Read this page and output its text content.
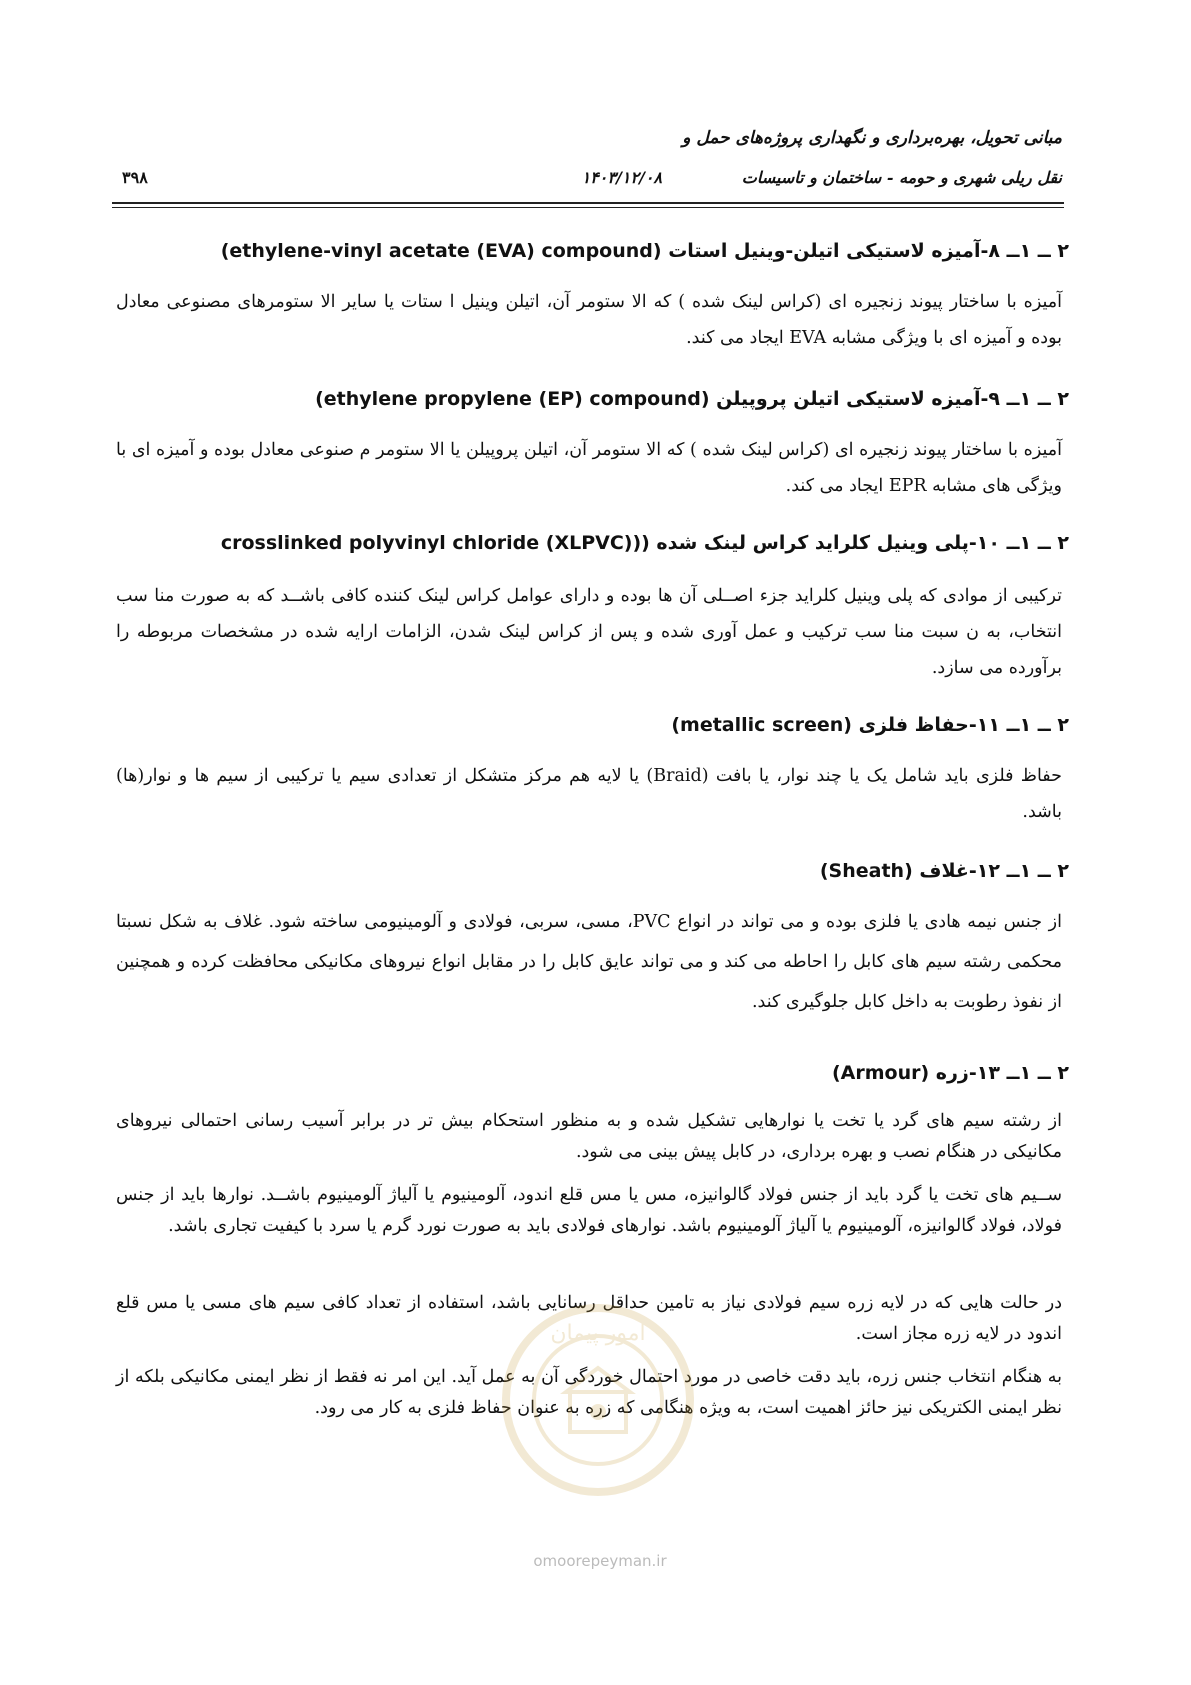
مبانی تحویل، بهره‌برداری و نگهداری پروژه‌های حمل و
نقل ریلی شهری و حومه - ساختمان و تاسیسات
۱۴۰۳/۱۲/۰۸
۳۹۸
۲ ــ ۱ــ ۸-آمیزه لاستیکی اتیلن-وینیل استات (ethylene-vinyl acetate (EVA) compound)
آمیزه با ساختار پیوند زنجیره ای (کراس لینک شده ) که الا ستومر آن، اتیلن وینیل ا ستات یا سایر الا ستومرهای مصنوعی معادل بوده و آمیزه ای با ویژگی مشابه EVA ایجاد می کند.
۲ ــ ۱ــ ۹-آمیزه لاستیکی اتیلن پروپیلن (ethylene propylene (EP) compound)
آمیزه با ساختار پیوند زنجیره ای (کراس لینک شده ) که الا ستومر آن، اتیلن پروپیلن یا الا ستومر م صنوعی معادل بوده و آمیزه ای با ویژگی های مشابه EPR ایجاد می کند.
۲ ــ ۱ــ ۱۰-پلی وینیل کلراید کراس لینک شده ((crosslinked polyvinyl chloride (XLPVC)
ترکیبی از موادی که پلی وینیل کلراید جزء اصــلی آن ها بوده و دارای عوامل کراس لینک کننده کافی باشــد که به صورت منا سب انتخاب، به ن سبت منا سب ترکیب و عمل آوری شده و پس از کراس لینک شدن، الزامات ارایه شده در مشخصات مربوطه را برآورده می سازد.
۲ ــ ۱ــ ۱۱-حفاظ فلزی (metallic screen)
حفاظ فلزی باید شامل یک یا چند نوار، یا بافت (Braid) یا لایه هم مرکز متشکل از تعدادی سیم یا ترکیبی از سیم ها و نوار(ها) باشد.
۲ ــ ۱ــ ۱۲-غلاف (Sheath)
از جنس نیمه هادی یا فلزی بوده و می تواند در انواع PVC، مسی، سربی، فولادی و آلومینیومی ساخته شود. غلاف به شکل نسبتا محکمی رشته سیم های کابل را احاطه می کند و می تواند عایق کابل را در مقابل انواع نیروهای مکانیکی محافظت کرده و همچنین از نفوذ رطوبت به داخل کابل جلوگیری کند.
۲ ــ ۱ــ ۱۳-زره (Armour)
از رشته سیم های گرد یا تخت یا نوارهایی تشکیل شده و به منظور استحکام بیش تر در برابر آسیب رسانی احتمالی نیروهای مکانیکی در هنگام نصب و بهره برداری، در کابل پیش بینی می شود.
ســیم های تخت یا گرد باید از جنس فولاد گالوانیزه، مس یا مس قلع اندود، آلومینیوم یا آلیاژ آلومینیوم باشــد. نوارها باید از جنس فولاد، فولاد گالوانیزه، آلومینیوم یا آلیاژ آلومینیوم باشد. نوارهای فولادی باید به صورت نورد گرم یا سرد با کیفیت تجاری باشد.
در حالت هایی که در لایه زره سیم فولادی نیاز به تامین حداقل رسانایی باشد، استفاده از تعداد کافی سیم های مسی یا مس قلع اندود در لایه زره مجاز است.
به هنگام انتخاب جنس زره، باید دقت خاصی در مورد احتمال خوردگی آن به عمل آید. این امر نه فقط از نظر ایمنی مکانیکی بلکه از نظر ایمنی الکتریکی نیز حائز اهمیت است، به ویژه هنگامی که زره به عنوان حفاظ فلزی به کار می رود.
امور پیمان
omoorepeyman.ir
